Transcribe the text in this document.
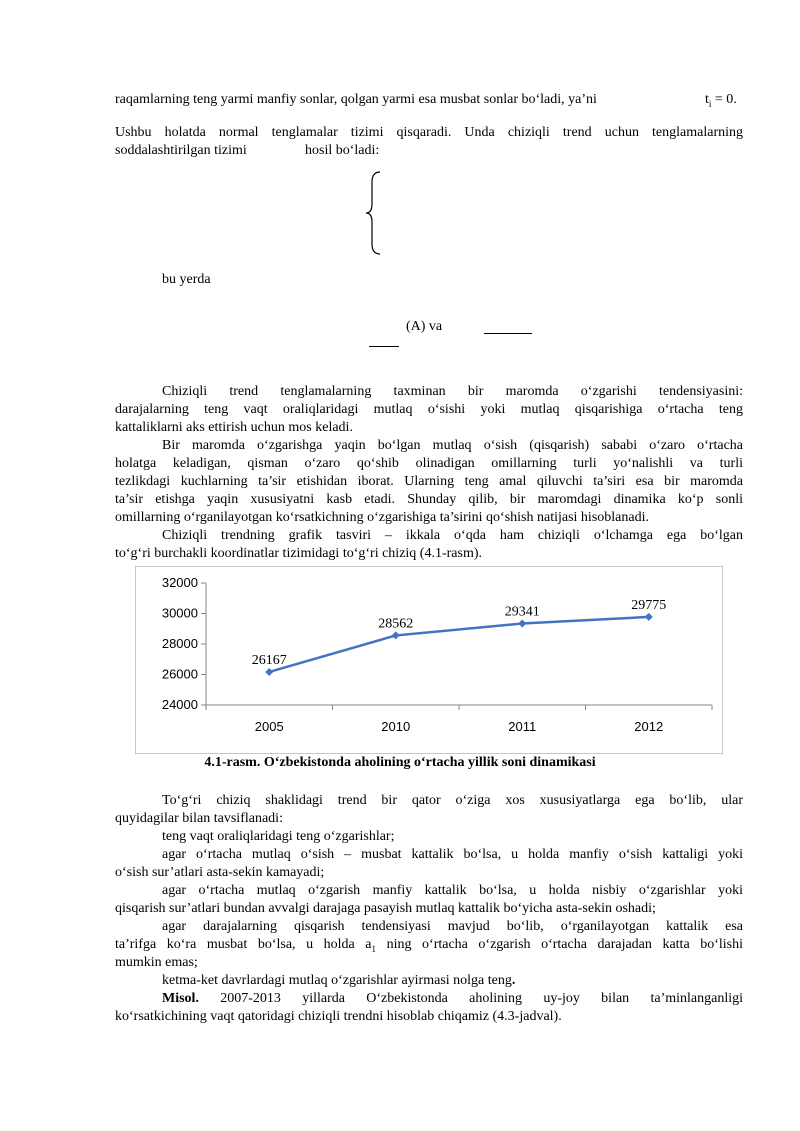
raqamlarning teng yarmi manfiy sonlar, qolgan yarmi esa musbat sonlar bo‘ladi, ya’ni	$t_i = 0$.
Ushbu holatda normal tenglamalar tizimi qisqaradi. Unda chiziqli trend uchun tenglamalarning
soddalashtirilgan tizimi	hosil bo‘ladi:
bu yerda
(A) va
Chiziqli trend tenglamalarning taxminan bir maromda o‘zgarishi tendensiyasini:
darajalarning teng vaqt oraliqlaridagi mutlaq o‘sishi yoki mutlaq qisqarishiga o‘rtacha teng
kattaliklarni aks ettirish uchun mos keladi.
Bir maromda o‘zgarishga yaqin bo‘lgan mutlaq o‘sish (qisqarish) sababi o‘zaro o‘rtacha
holatga keladigan, qisman o‘zaro qo‘shib olinadigan omillarning turli yo‘nalishli va turli
tezlikdagi kuchlarning ta’sir etishidan iborat. Ularning teng amal qiluvchi ta’siri esa bir maromda
ta’sir etishga yaqin xususiyatni kasb etadi. Shunday qilib, bir maromdagi dinamika ko‘p sonli
omillarning o‘rganilayotgan ko‘rsatkichning o‘zgarishiga ta’sirini qo‘shish natijasi hisoblanadi.
Chiziqli trendning grafik tasviri – ikkala o‘qda ham chiziqli o‘lchamga ega bo‘lgan
to‘g‘ri burchakli koordinatlar tizimidagi to‘g‘ri chiziq (4.1-rasm).
32000
30000
28000
26000
24000
2005	2010	2011	2012
26167
28562
29341	29775
4.1-rasm. O‘zbekistonda aholining o‘rtacha yillik soni dinamikasi
To‘g‘ri chiziq shaklidagi trend bir qator o‘ziga xos xususiyatlarga ega bo‘lib, ular
quyidagilar bilan tavsiflanadi:
teng vaqt oraliqlaridagi teng o‘zgarishlar;
agar o‘rtacha mutlaq o‘sish – musbat kattalik bo‘lsa, u holda manfiy o‘sish kattaligi yoki
o‘sish sur’atlari asta-sekin kamayadi;
agar o‘rtacha mutlaq o‘zgarish manfiy kattalik bo‘lsa, u holda nisbiy o‘zgarishlar yoki
qisqarish sur’atlari bundan avvalgi darajaga pasayish mutlaq kattalik bo‘yicha asta-sekin oshadi;
agar darajalarning qisqarish tendensiyasi mavjud bo‘lib, o‘rganilayotgan kattalik esa
ta’rifga ko‘ra musbat bo‘lsa, u holda $a_1$ ning o‘rtacha o‘zgarish o‘rtacha darajadan katta bo‘lishi
mumkin emas;
ketma-ket davrlardagi mutlaq o‘zgarishlar ayirmasi nolga teng.
Misol. 2007-2013 yillarda O‘zbekistonda aholining uy-joy bilan ta’minlanganligi
ko‘rsatkichining vaqt qatoridagi chiziqli trendni hisoblab chiqamiz (4.3-jadval).
